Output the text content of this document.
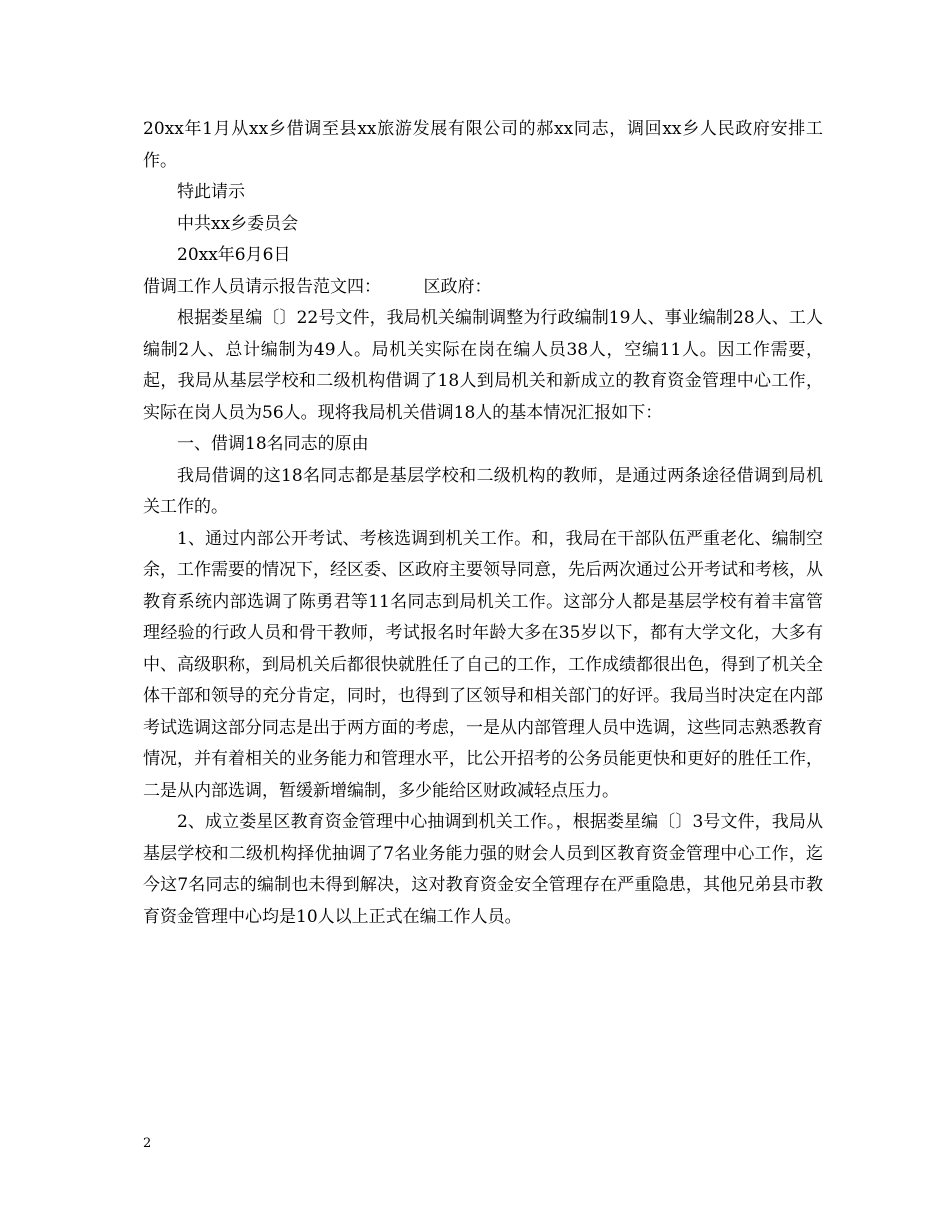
20xx年1月从xx乡借调至县xx旅游发展有限公司的郝xx同志，调回xx乡人民政府安排工作。

特此请示

中共xx乡委员会

20xx年6月6日

借调工作人员请示报告范文四：　　　区政府：

根据娄星编〔〕22号文件，我局机关编制调整为行政编制19人、事业编制28人、工人编制2人、总计编制为49人。局机关实际在岗在编人员38人，空编11人。因工作需要，起，我局从基层学校和二级机构借调了18人到局机关和新成立的教育资金管理中心工作，实际在岗人员为56人。现将我局机关借调18人的基本情况汇报如下：

一、借调18名同志的原由

我局借调的这18名同志都是基层学校和二级机构的教师，是通过两条途径借调到局机关工作的。

1、通过内部公开考试、考核选调到机关工作。和，我局在干部队伍严重老化、编制空余，工作需要的情况下，经区委、区政府主要领导同意，先后两次通过公开考试和考核，从教育系统内部选调了陈勇君等11名同志到局机关工作。这部分人都是基层学校有着丰富管理经验的行政人员和骨干教师，考试报名时年龄大多在35岁以下，都有大学文化，大多有中、高级职称，到局机关后都很快就胜任了自己的工作，工作成绩都很出色，得到了机关全体干部和领导的充分肯定，同时，也得到了区领导和相关部门的好评。我局当时决定在内部考试选调这部分同志是出于两方面的考虑，一是从内部管理人员中选调，这些同志熟悉教育情况，并有着相关的业务能力和管理水平，比公开招考的公务员能更快和更好的胜任工作，二是从内部选调，暂缓新增编制，多少能给区财政减轻点压力。

2、成立娄星区教育资金管理中心抽调到机关工作。，根据娄星编〔〕3号文件，我局从基层学校和二级机构择优抽调了7名业务能力强的财会人员到区教育资金管理中心工作，迄今这7名同志的编制也未得到解决，这对教育资金安全管理存在严重隐患，其他兄弟县市教育资金管理中心均是10人以上正式在编工作人员。

2
